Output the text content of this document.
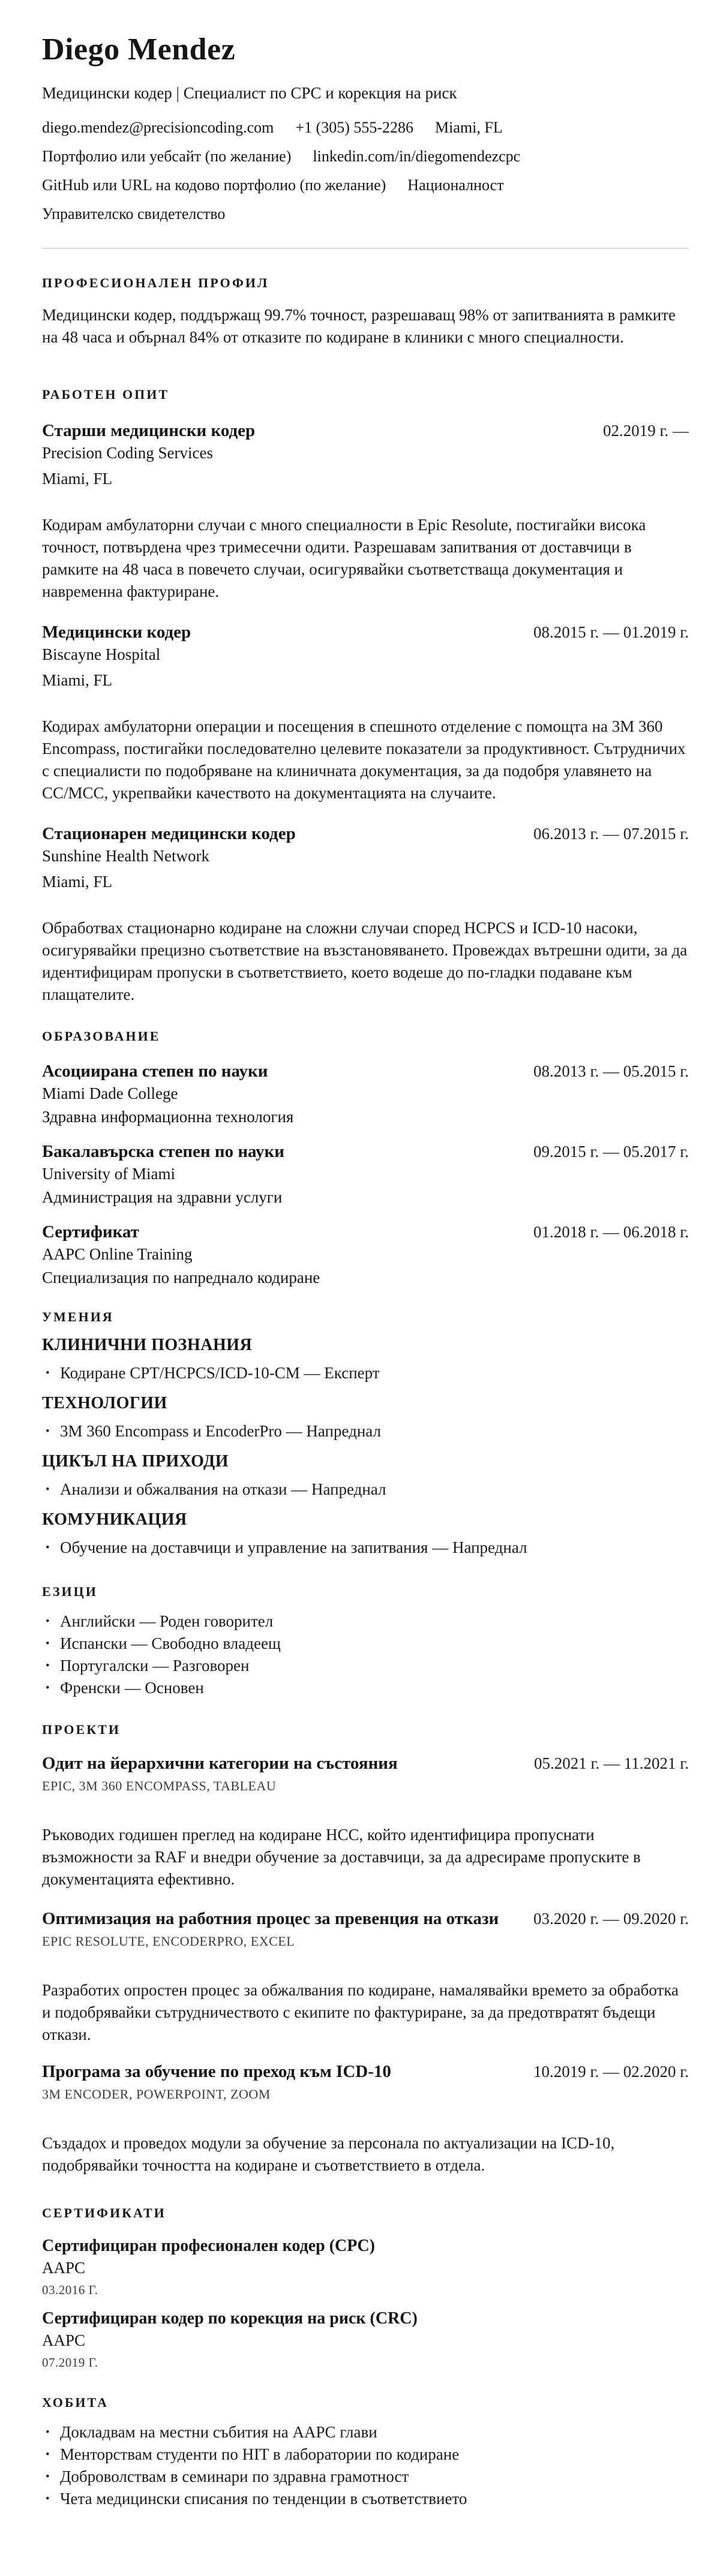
Diego Mendez
Медицински кодер | Специалист по CPC и корекция на риск
diego.mendez@precisioncoding.com +1 (305) 555-2286 Miami, FL
Портфолио или уебсайт (по желание) linkedin.com/in/diegomendezcpc
GitHub или URL на кодово портфолио (по желание) Националност
Управителско свидетелство
ПРОФЕСИОНАЛЕН ПРОФИЛ
Медицински кодер, поддържащ 99.7% точност, разрешаващ 98% от запитванията в рамките на 48 часа и обърнал 84% от отказите по кодиране в клиники с много специалности.
РАБОТЕН ОПИТ
Старши медицински кодер	02.2019 г. —
Precision Coding Services
Miami, FL
Кодирам амбулаторни случаи с много специалности в Epic Resolute, постигайки висока точност, потвърдена чрез тримесечни одити. Разрешавам запитвания от доставчици в рамките на 48 часа в повечето случаи, осигурявайки съответстваща документация и навременна фактуриране.
Медицински кодер	08.2015 г. — 01.2019 г.
Biscayne Hospital
Miami, FL
Кодирах амбулаторни операции и посещения в спешното отделение с помощта на 3M 360 Encompass, постигайки последователно целевите показатели за продуктивност. Сътрудничих с специалисти по подобряване на клиничната документация, за да подобря улавянето на CC/MCC, укрепвайки качеството на документацията на случаите.
Стационарен медицински кодер	06.2013 г. — 07.2015 г.
Sunshine Health Network
Miami, FL
Обработвах стационарно кодиране на сложни случаи според HCPCS и ICD-10 насоки, осигурявайки прецизно съответствие на възстановяването. Провеждах вътрешни одити, за да идентифицирам пропуски в съответствието, което водеше до по-гладки подаване към плащателите.
ОБРАЗОВАНИЕ
Асоциирана степен по науки	08.2013 г. — 05.2015 г.
Miami Dade College
Здравна информационна технология
Бакалавърска степен по науки	09.2015 г. — 05.2017 г.
University of Miami
Администрация на здравни услуги
Сертификат	01.2018 г. — 06.2018 г.
AAPC Online Training
Специализация по напреднало кодиране
УМЕНИЯ
КЛИНИЧНИ ПОЗНАНИЯ
• Кодиране CPT/HCPCS/ICD-10-CM — Експерт
ТЕХНОЛОГИИ
• 3M 360 Encompass и EncoderPro — Напреднал
ЦИКЪЛ НА ПРИХОДИ
• Анализи и обжалвания на откази — Напреднал
КОМУНИКАЦИЯ
• Обучение на доставчици и управление на запитвания — Напреднал
ЕЗИЦИ
• Английски — Роден говорител
• Испански — Свободно владеещ
• Португалски — Разговорен
• Френски — Основен
ПРОЕКТИ
Одит на йерархични категории на състояния	05.2021 г. — 11.2021 г.
EPIC, 3M 360 ENCOMPASS, TABLEAU
Ръководих годишен преглед на кодиране HCC, който идентифицира пропуснати възможности за RAF и внедри обучение за доставчици, за да адресираме пропуските в документацията ефективно.
Оптимизация на работния процес за превенция на откази	03.2020 г. — 09.2020 г.
EPIC RESOLUTE, ENCODERPRO, EXCEL
Разработих опростен процес за обжалвания по кодиране, намалявайки времето за обработка и подобрявайки сътрудничеството с екипите по фактуриране, за да предотвратят бъдещи откази.
Програма за обучение по преход към ICD-10	10.2019 г. — 02.2020 г.
3M ENCODER, POWERPOINT, ZOOM
Създадох и проведох модули за обучение за персонала по актуализации на ICD-10, подобрявайки точността на кодиране и съответствието в отдела.
СЕРТИФИКАТИ
Сертифициран професионален кодер (CPC)
AAPC
03.2016 Г.
Сертифициран кодер по корекция на риск (CRC)
AAPC
07.2019 Г.
ХОБИТА
• Докладвам на местни събития на AAPC глави
• Менторствам студенти по HIT в лаборатории по кодиране
• Доброволствам в семинари по здравна грамотност
• Чета медицински списания по тенденции в съответствието
